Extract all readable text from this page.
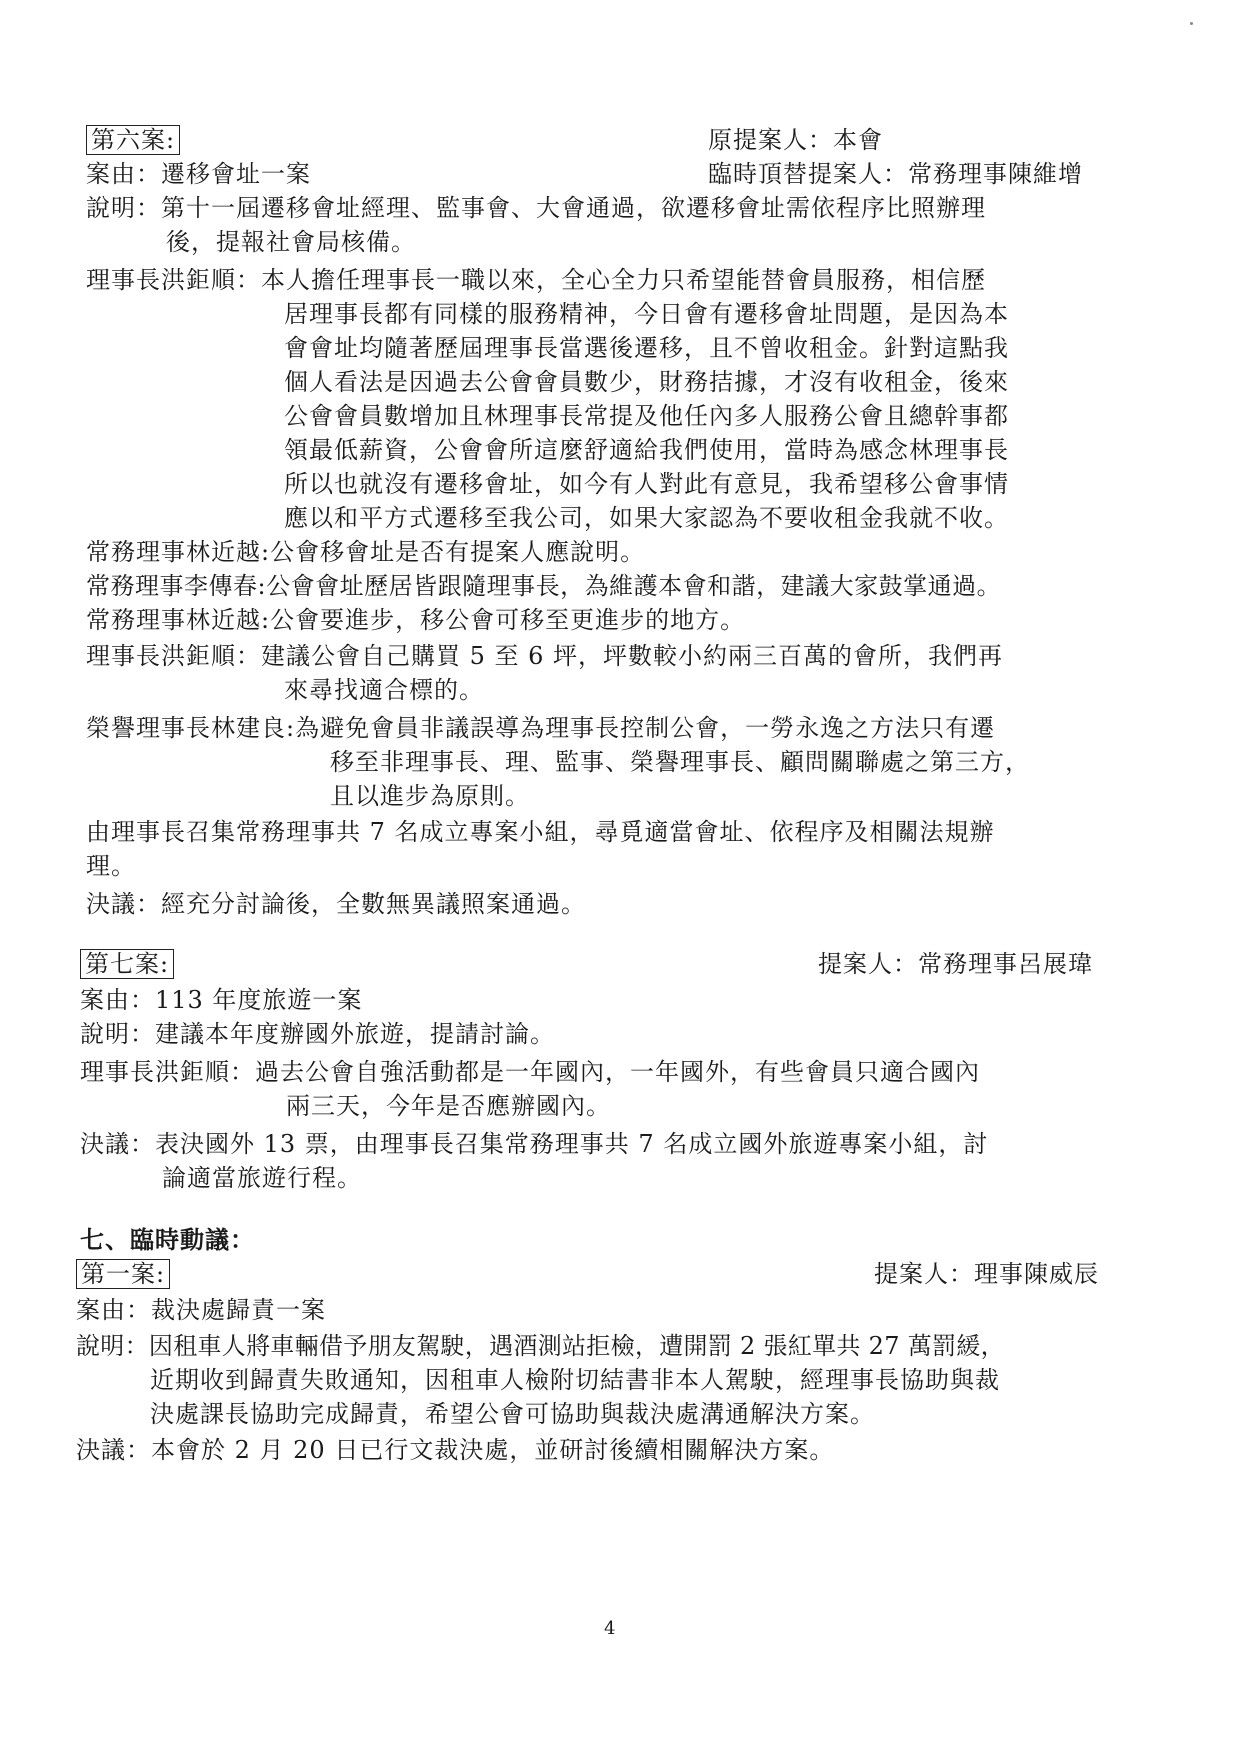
第六案:	原提案人：本會
案由：遷移會址一案	臨時頂替提案人：常務理事陳維增
說明：第十一屆遷移會址經理、監事會、大會通過，欲遷移會址需依程序比照辦理
後，提報社會局核備。
理事長洪鉅順：本人擔任理事長一職以來，全心全力只希望能替會員服務，相信歷
居理事長都有同樣的服務精神，今日會有遷移會址問題，是因為本
會會址均隨著歷屆理事長當選後遷移，且不曾收租金。針對這點我
個人看法是因過去公會會員數少，財務拮據，才沒有收租金，後來
公會會員數增加且林理事長常提及他任內多人服務公會且總幹事都
領最低薪資，公會會所這麼舒適給我們使用，當時為感念林理事長
所以也就沒有遷移會址，如今有人對此有意見，我希望移公會事情
應以和平方式遷移至我公司，如果大家認為不要收租金我就不收。
常務理事林近越:公會移會址是否有提案人應說明。
常務理事李傳春:公會會址歷居皆跟隨理事長，為維護本會和諧，建議大家鼓掌通過。
常務理事林近越:公會要進步，移公會可移至更進步的地方。
理事長洪鉅順：建議公會自己購買 5 至 6 坪，坪數較小約兩三百萬的會所，我們再
來尋找適合標的。
榮譽理事長林建良:為避免會員非議誤導為理事長控制公會，一勞永逸之方法只有遷
移至非理事長、理、監事、榮譽理事長、顧問關聯處之第三方，
且以進步為原則。
由理事長召集常務理事共 7 名成立專案小組，尋覓適當會址、依程序及相關法規辦
理。
決議：經充分討論後，全數無異議照案通過。
第七案:	提案人：常務理事呂展瑋
案由：113 年度旅遊一案
說明：建議本年度辦國外旅遊，提請討論。
理事長洪鉅順：過去公會自強活動都是一年國內，一年國外，有些會員只適合國內
兩三天，今年是否應辦國內。
決議：表決國外 13 票，由理事長召集常務理事共 7 名成立國外旅遊專案小組，討
論適當旅遊行程。
七、臨時動議：
第一案:	提案人：理事陳威辰
案由：裁決處歸責一案
說明：因租車人將車輛借予朋友駕駛，遇酒測站拒檢，遭開罰 2 張紅單共 27 萬罰緩，
近期收到歸責失敗通知，因租車人檢附切結書非本人駕駛，經理事長協助與裁
決處課長協助完成歸責，希望公會可協助與裁決處溝通解決方案。
決議：本會於 2 月 20 日已行文裁決處，並研討後續相關解決方案。
4
